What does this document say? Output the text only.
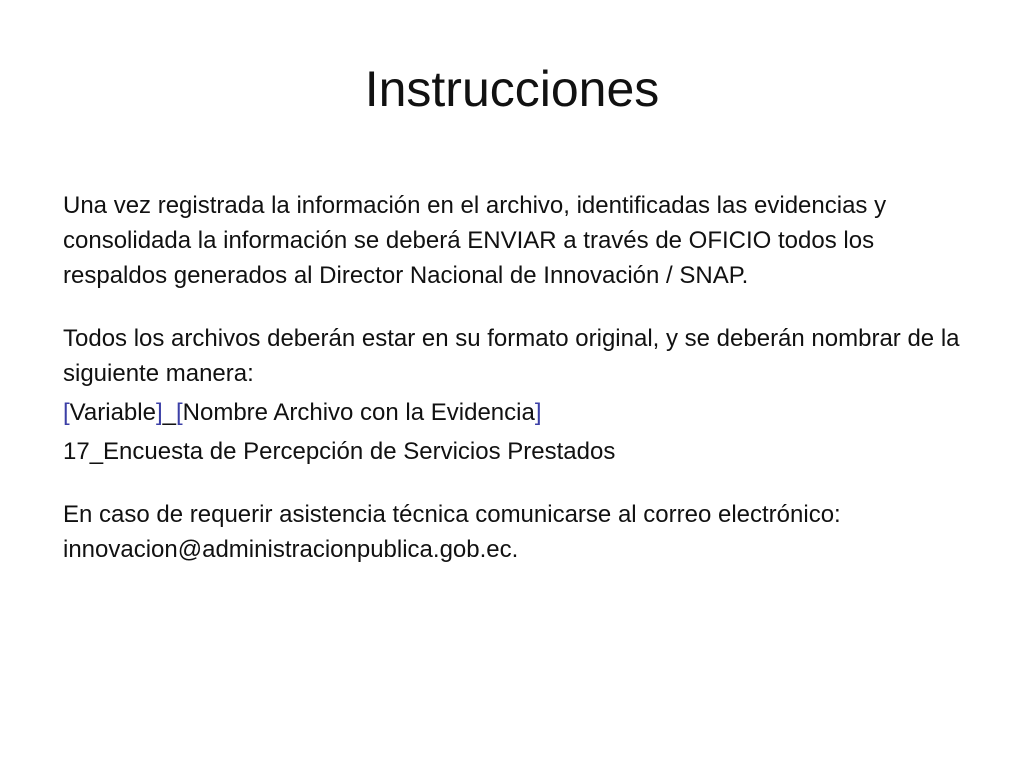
Instrucciones

Una vez registrada la información en el archivo, identificadas las evidencias y consolidada la información se deberá ENVIAR a través de OFICIO todos los respaldos generados al Director Nacional de Innovación / SNAP.

Todos los archivos deberán estar en su formato original, y se deberán nombrar de la siguiente manera:

[Variable]_[Nombre Archivo con la Evidencia]

17_Encuesta de Percepción de Servicios Prestados

En caso de requerir asistencia técnica comunicarse al correo electrónico: innovacion@administracionpublica.gob.ec.
